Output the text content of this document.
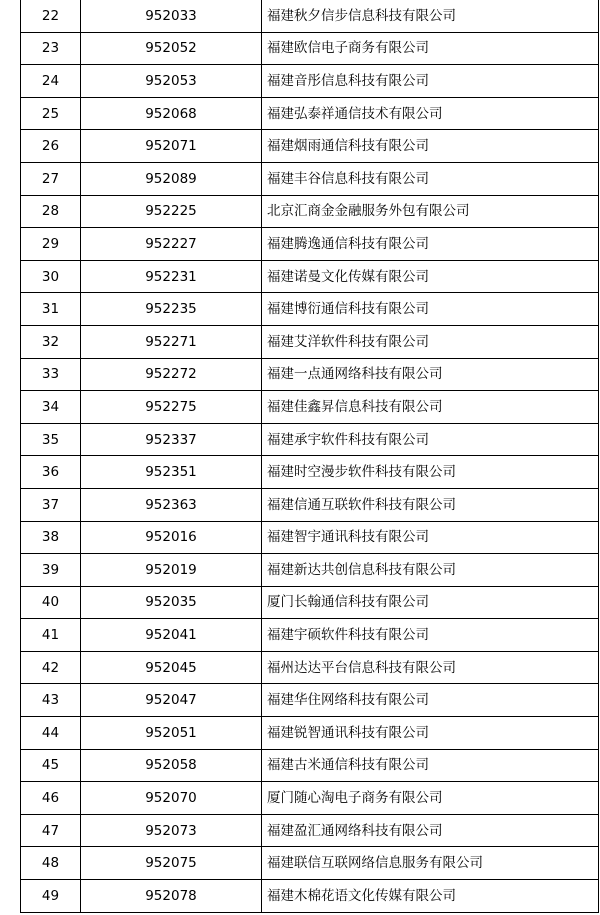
22	952033	福建秋夕信步信息科技有限公司
23	952052	福建欧信电子商务有限公司
24	952053	福建音彤信息科技有限公司
25	952068	福建弘泰祥通信技术有限公司
26	952071	福建烟雨通信科技有限公司
27	952089	福建丰谷信息科技有限公司
28	952225	北京汇商金金融服务外包有限公司
29	952227	福建腾逸通信科技有限公司
30	952231	福建诺曼文化传媒有限公司
31	952235	福建博衍通信科技有限公司
32	952271	福建艾洋软件科技有限公司
33	952272	福建一点通网络科技有限公司
34	952275	福建佳鑫昇信息科技有限公司
35	952337	福建承宇软件科技有限公司
36	952351	福建时空漫步软件科技有限公司
37	952363	福建信通互联软件科技有限公司
38	952016	福建智宇通讯科技有限公司
39	952019	福建新达共创信息科技有限公司
40	952035	厦门长翰通信科技有限公司
41	952041	福建宇硕软件科技有限公司
42	952045	福州达达平台信息科技有限公司
43	952047	福建华住网络科技有限公司
44	952051	福建锐智通讯科技有限公司
45	952058	福建古米通信科技有限公司
46	952070	厦门随心淘电子商务有限公司
47	952073	福建盈汇通网络科技有限公司
48	952075	福建联信互联网络信息服务有限公司
49	952078	福建木棉花语文化传媒有限公司
